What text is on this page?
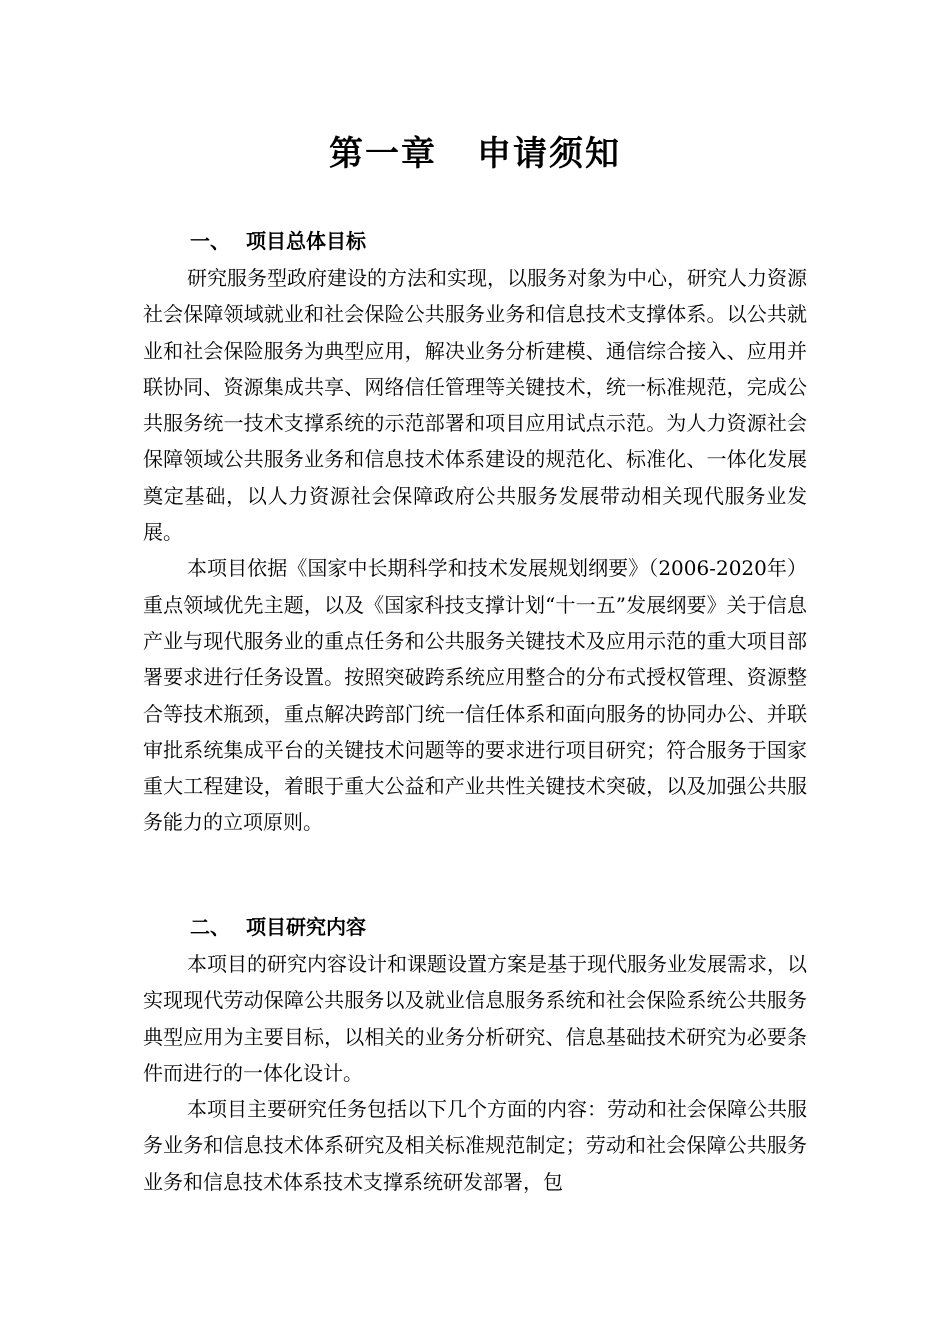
第一章 申请须知
一、 项目总体目标

研究服务型政府建设的方法和实现，以服务对象为中心，研究人力资源社会保障领域就业和社会保险公共服务业务和信息技术支撑体系。以公共就业和社会保险服务为典型应用，解决业务分析建模、通信综合接入、应用并联协同、资源集成共享、网络信任管理等关键技术，统一标准规范，完成公共服务统一技术支撑系统的示范部署和项目应用试点示范。为人力资源社会保障领域公共服务业务和信息技术体系建设的规范化、标准化、一体化发展奠定基础，以人力资源社会保障政府公共服务发展带动相关现代服务业发展。

本项目依据《国家中长期科学和技术发展规划纲要》（2006-2020年）重点领域优先主题，以及《国家科技支撑计划“十一五”发展纲要》关于信息产业与现代服务业的重点任务和公共服务关键技术及应用示范的重大项目部署要求进行任务设置。按照突破跨系统应用整合的分布式授权管理、资源整合等技术瓶颈，重点解决跨部门统一信任体系和面向服务的协同办公、并联审批系统集成平台的关键技术问题等的要求进行项目研究；符合服务于国家重大工程建设，着眼于重大公益和产业共性关键技术突破，以及加强公共服务能力的立项原则。

二、 项目研究内容

本项目的研究内容设计和课题设置方案是基于现代服务业发展需求，以实现现代劳动保障公共服务以及就业信息服务系统和社会保险系统公共服务典型应用为主要目标，以相关的业务分析研究、信息基础技术研究为必要条件而进行的一体化设计。

本项目主要研究任务包括以下几个方面的内容：劳动和社会保障公共服务业务和信息技术体系研究及相关标准规范制定；劳动和社会保障公共服务业务和信息技术体系技术支撑系统研发部署，包
